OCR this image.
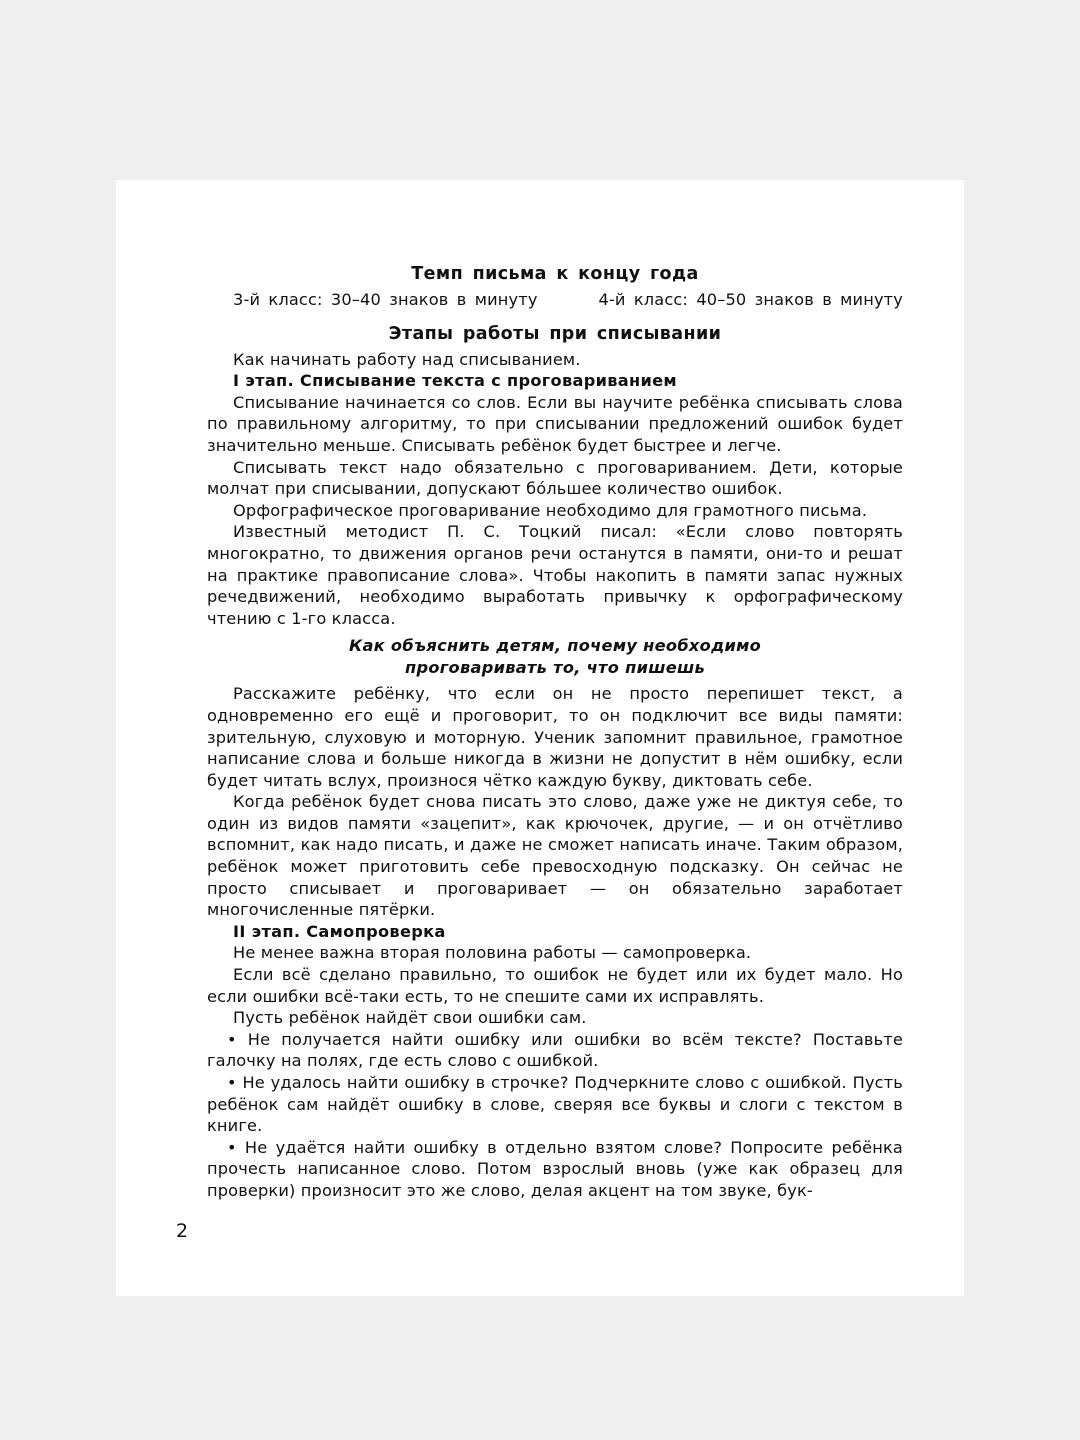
Темп письма к концу года

3-й класс: 30–40 знаков в минуту	4-й класс: 40–50 знаков в минуту

Этапы работы при списывании

Как начинать работу над списыванием.

I этап. Списывание текста с проговариванием

Списывание начинается со слов. Если вы научите ребёнка списывать слова по правильному алгоритму, то при списывании предложений ошибок будет значительно меньше. Списывать ребёнок будет быстрее и легче.

Списывать текст надо обязательно с проговариванием. Дети, которые молчат при списывании, допускают бо́льшее количество ошибок.

Орфографическое проговаривание необходимо для грамотного письма.

Известный методист П. С. Тоцкий писал: «Если слово повторять многократно, то движения органов речи останутся в памяти, они-то и решат на практике правописание слова». Чтобы накопить в памяти запас нужных речедвижений, необходимо выработать привычку к орфографическому чтению с 1-го класса.

Как объяснить детям, почему необходимо
проговаривать то, что пишешь

Расскажите ребёнку, что если он не просто перепишет текст, а одновременно его ещё и проговорит, то он подключит все виды памяти: зрительную, слуховую и моторную. Ученик запомнит правильное, грамотное написание слова и больше никогда в жизни не допустит в нём ошибку, если будет читать вслух, произнося чётко каждую букву, диктовать себе.

Когда ребёнок будет снова писать это слово, даже уже не диктуя себе, то один из видов памяти «зацепит», как крючочек, другие, — и он отчётливо вспомнит, как надо писать, и даже не сможет написать иначе. Таким образом, ребёнок может приготовить себе превосходную подсказку. Он сейчас не просто списывает и проговаривает — он обязательно заработает многочисленные пятёрки.

II этап. Самопроверка

Не менее важна вторая половина работы — самопроверка.

Если всё сделано правильно, то ошибок не будет или их будет мало. Но если ошибки всё-таки есть, то не спешите сами их исправлять.

Пусть ребёнок найдёт свои ошибки сам.

• Не получается найти ошибку или ошибки во всём тексте? Поставьте галочку на полях, где есть слово с ошибкой.

• Не удалось найти ошибку в строчке? Подчеркните слово с ошибкой. Пусть ребёнок сам найдёт ошибку в слове, сверяя все буквы и слоги с текстом в книге.

• Не удаётся найти ошибку в отдельно взятом слове? Попросите ребёнка прочесть написанное слово. Потом взрослый вновь (уже как образец для проверки) произносит это же слово, делая акцент на том звуке, бук-

2
